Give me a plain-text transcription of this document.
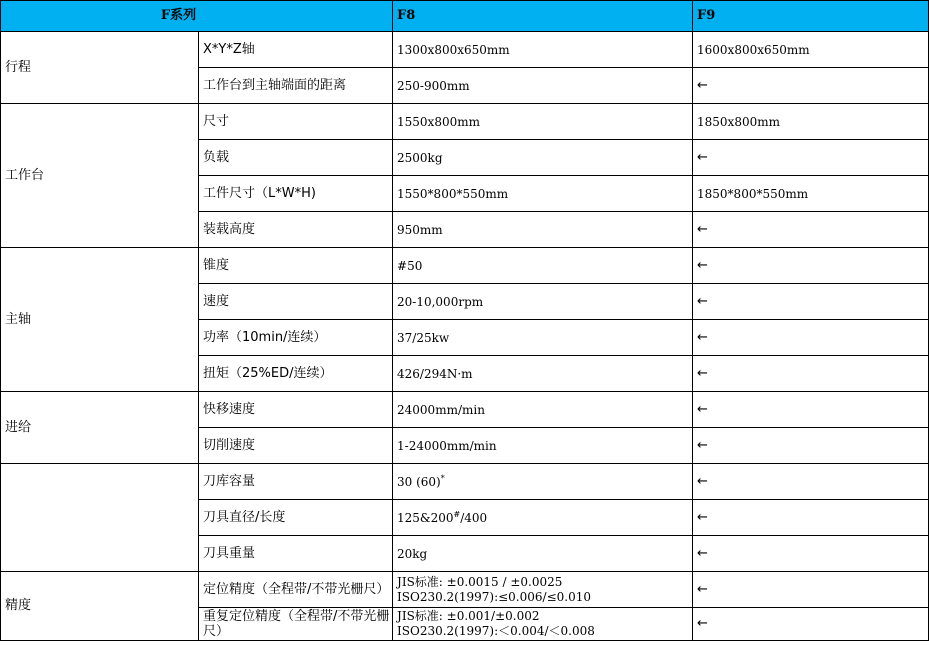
F系列		F8	F9
行程	X*Y*Z轴	1300x800x650mm	1600x800x650mm
	工作台到主轴端面的距离	250-900mm	←
工作台	尺寸	1550x800mm	1850x800mm
	负载	2500kg	←
	工件尺寸（L*W*H)	1550*800*550mm	1850*800*550mm
	装载高度	950mm	←
主轴	锥度	#50	←
	速度	20-10,000rpm	←
	功率（10min/连续）	37/25kw	←
	扭矩（25%ED/连续）	426/294N·m	←
进给	快移速度	24000mm/min	←
	切削速度	1-24000mm/min	←
	刀库容量	30 (60)*	←
	刀具直径/长度	125&200#/400	←
	刀具重量	20kg	←
精度	定位精度（全程带/不带光栅尺）	JIS标准: ±0.0015 / ±0.0025
ISO230.2(1997):≤0.006/≤0.010	←
	重复定位精度（全程带/不带光栅尺）	JIS标准: ±0.001/±0.002
ISO230.2(1997):＜0.004/＜0.008	←
